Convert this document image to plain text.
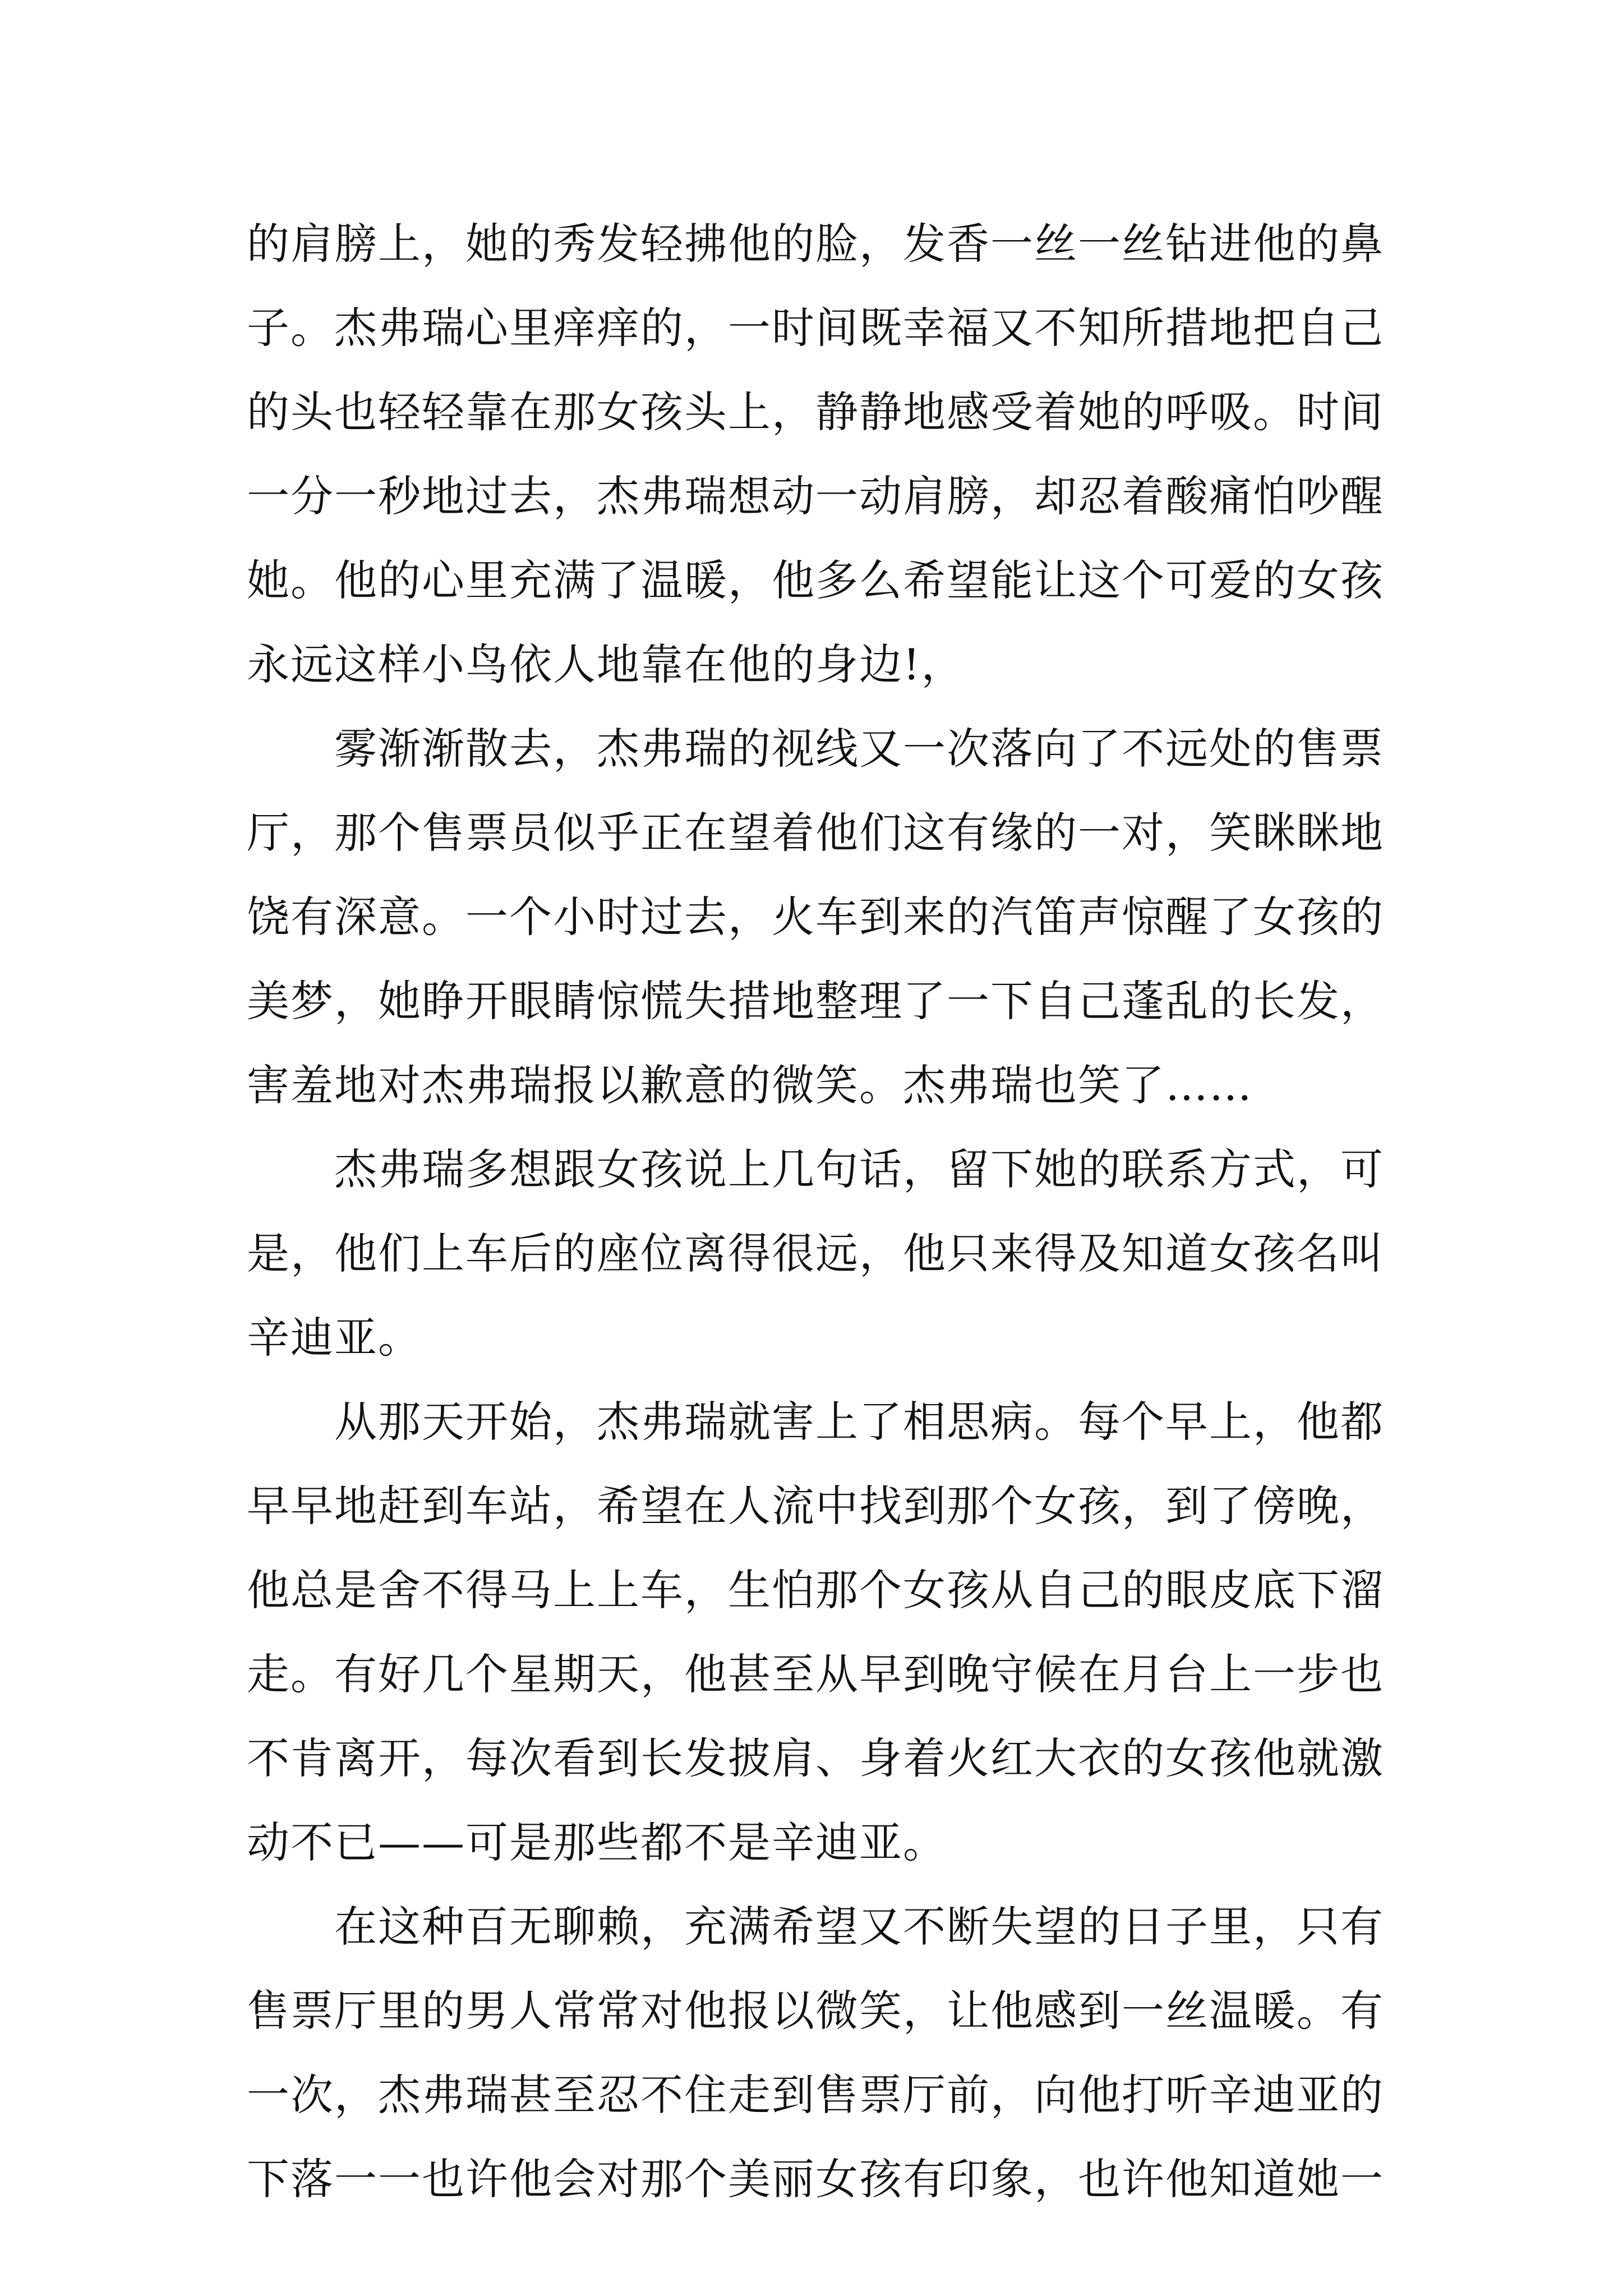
的肩膀上，她的秀发轻拂他的脸，发香一丝一丝钻进他的鼻
子。杰弗瑞心里痒痒的，一时间既幸福又不知所措地把自己
的头也轻轻靠在那女孩头上，静静地感受着她的呼吸。时间
一分一秒地过去，杰弗瑞想动一动肩膀，却忍着酸痛怕吵醒
她。他的心里充满了温暖，他多么希望能让这个可爱的女孩
永远这样小鸟依人地靠在他的身边!，
　　雾渐渐散去，杰弗瑞的视线又一次落向了不远处的售票
厅，那个售票员似乎正在望着他们这有缘的一对，笑眯眯地
饶有深意。一个小时过去，火车到来的汽笛声惊醒了女孩的
美梦，她睁开眼睛惊慌失措地整理了一下自己蓬乱的长发，
害羞地对杰弗瑞报以歉意的微笑。杰弗瑞也笑了……
　　杰弗瑞多想跟女孩说上几句话，留下她的联系方式，可
是，他们上车后的座位离得很远，他只来得及知道女孩名叫
辛迪亚。
　　从那天开始，杰弗瑞就害上了相思病。每个早上，他都
早早地赶到车站，希望在人流中找到那个女孩，到了傍晚，
他总是舍不得马上上车，生怕那个女孩从自己的眼皮底下溜
走。有好几个星期天，他甚至从早到晚守候在月台上一步也
不肯离开，每次看到长发披肩、身着火红大衣的女孩他就激
动不已——可是那些都不是辛迪亚。
　　在这种百无聊赖，充满希望又不断失望的日子里，只有
售票厅里的男人常常对他报以微笑，让他感到一丝温暖。有
一次，杰弗瑞甚至忍不住走到售票厅前，向他打听辛迪亚的
下落一一也许他会对那个美丽女孩有印象，也许他知道她一
